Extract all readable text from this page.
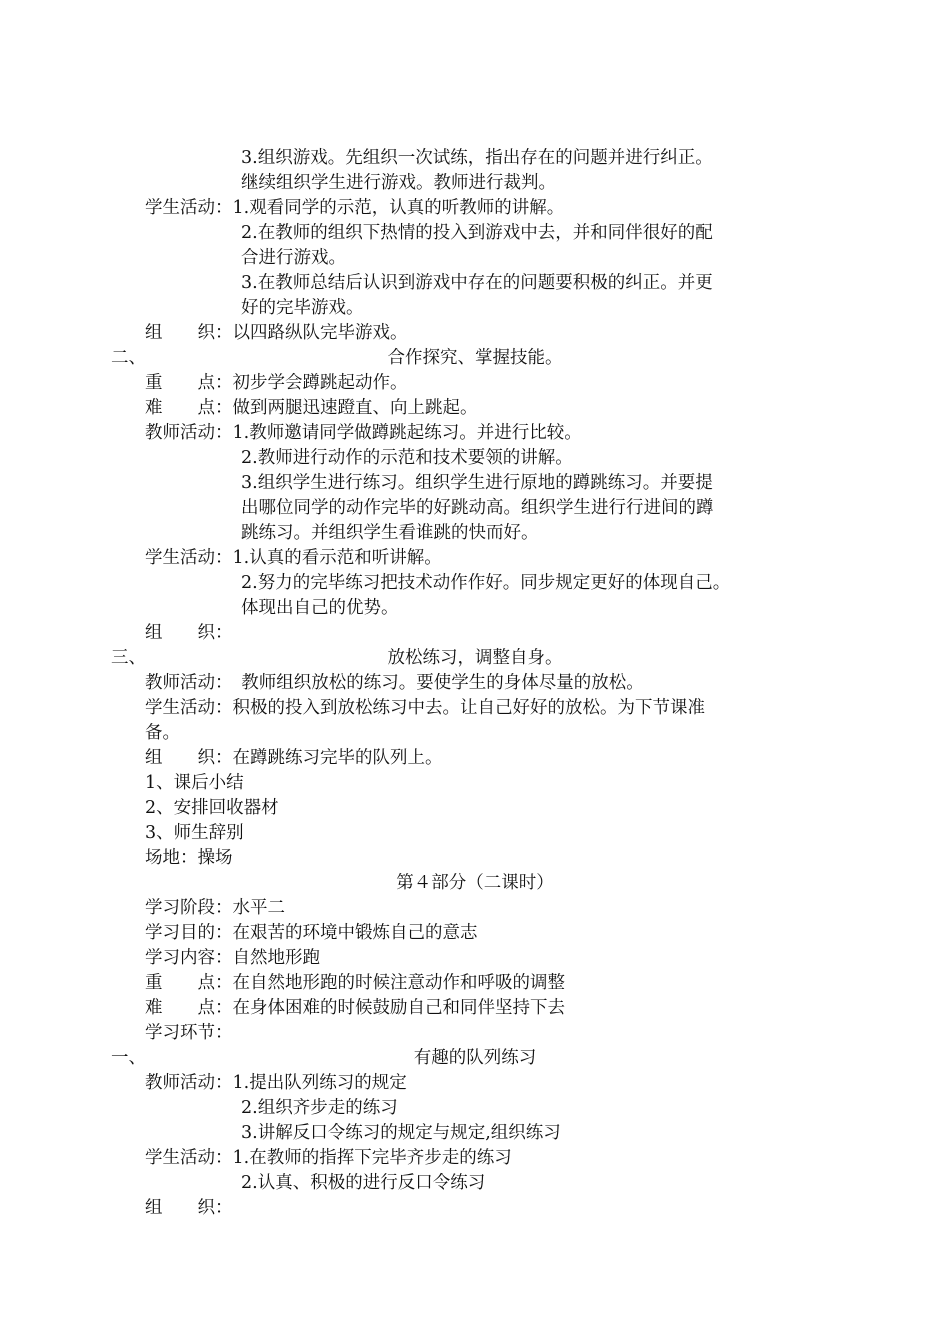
3.组织游戏。先组织一次试练，指出存在的问题并进行纠正。
继续组织学生进行游戏。教师进行裁判。
学生活动：1.观看同学的示范，认真的听教师的讲解。
2.在教师的组织下热情的投入到游戏中去，并和同伴很好的配
合进行游戏。
3.在教师总结后认识到游戏中存在的问题要积极的纠正。并更
好的完毕游戏。
组　　织：以四路纵队完毕游戏。
二、	合作探究、掌握技能。
重　　点：初步学会蹲跳起动作。
难　　点：做到两腿迅速蹬直、向上跳起。
教师活动：1.教师邀请同学做蹲跳起练习。并进行比较。
2.教师进行动作的示范和技术要领的讲解。
3.组织学生进行练习。组织学生进行原地的蹲跳练习。并要提
出哪位同学的动作完毕的好跳动高。组织学生进行行进间的蹲
跳练习。并组织学生看谁跳的快而好。
学生活动：1.认真的看示范和听讲解。
2.努力的完毕练习把技术动作作好。同步规定更好的体现自己。
体现出自己的优势。
组　　织：
三、	放松练习，调整自身。
教师活动：　教师组织放松的练习。要使学生的身体尽量的放松。
学生活动：积极的投入到放松练习中去。让自己好好的放松。为下节课准
备。
组　　织：在蹲跳练习完毕的队列上。
1、课后小结
2、安排回收器材
3、师生辞别
场地：操场
第４部分（二课时）
学习阶段：水平二
学习目的：在艰苦的环境中锻炼自己的意志
学习内容：自然地形跑
重　　点：在自然地形跑的时候注意动作和呼吸的调整
难　　点：在身体困难的时候鼓励自己和同伴坚持下去
学习环节：
一、	有趣的队列练习
教师活动：1.提出队列练习的规定
2.组织齐步走的练习
3.讲解反口令练习的规定与规定,组织练习
学生活动：1.在教师的指挥下完毕齐步走的练习
2.认真、积极的进行反口令练习
组　　织：
